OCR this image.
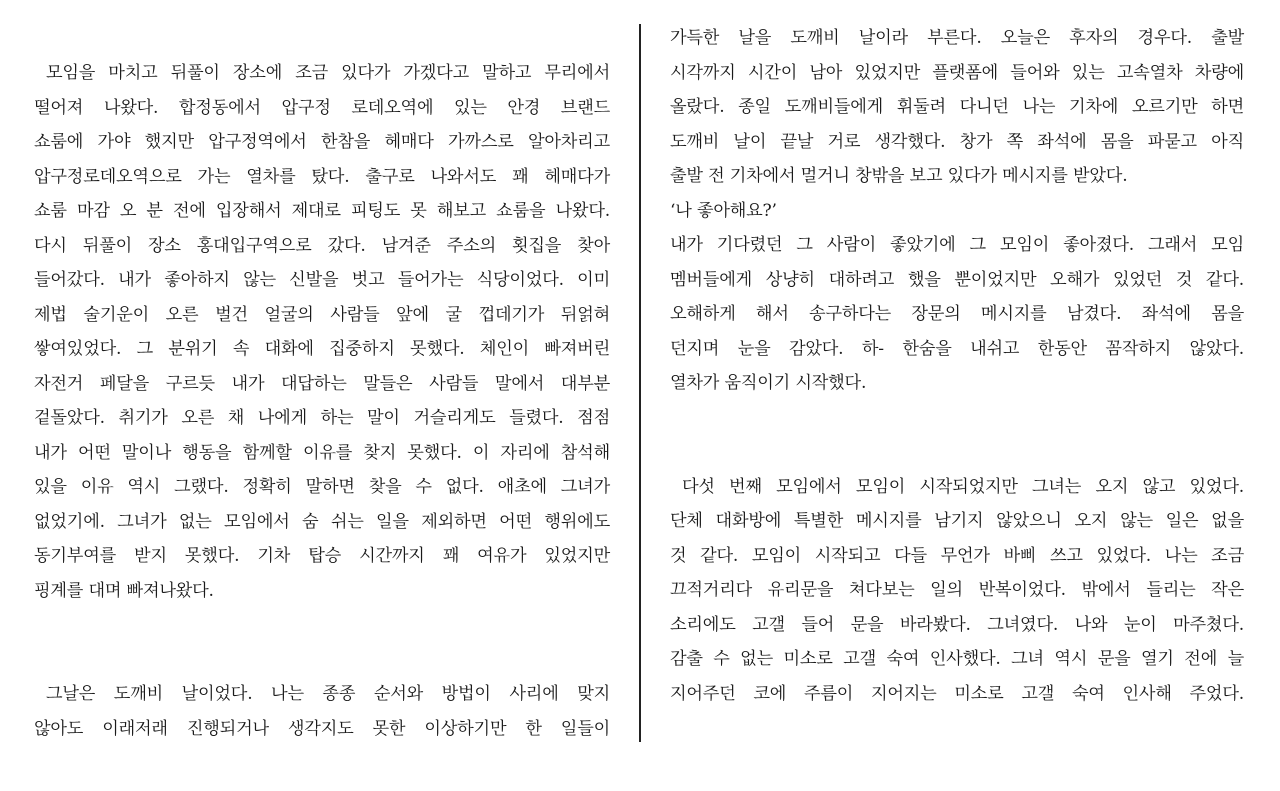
모임을 마치고 뒤풀이 장소에 조금 있다가 가겠다고 말하고 무리에서
떨어져 나왔다. 합정동에서 압구정 로데오역에 있는 안경 브랜드
쇼룸에 가야 했지만 압구정역에서 한참을 헤매다 가까스로 알아차리고
압구정로데오역으로 가는 열차를 탔다. 출구로 나와서도 꽤 헤매다가
쇼룸 마감 오 분 전에 입장해서 제대로 피팅도 못 해보고 쇼룸을 나왔다.
다시 뒤풀이 장소 홍대입구역으로 갔다. 남겨준 주소의 횟집을 찾아
들어갔다. 내가 좋아하지 않는 신발을 벗고 들어가는 식당이었다. 이미
제법 술기운이 오른 벌건 얼굴의 사람들 앞에 굴 껍데기가 뒤얽혀
쌓여있었다. 그 분위기 속 대화에 집중하지 못했다. 체인이 빠져버린
자전거 페달을 구르듯 내가 대답하는 말들은 사람들 말에서 대부분
겉돌았다. 취기가 오른 채 나에게 하는 말이 거슬리게도 들렸다. 점점
내가 어떤 말이나 행동을 함께할 이유를 찾지 못했다. 이 자리에 참석해
있을 이유 역시 그랬다. 정확히 말하면 찾을 수 없다. 애초에 그녀가
없었기에. 그녀가 없는 모임에서 숨 쉬는 일을 제외하면 어떤 행위에도
동기부여를 받지 못했다. 기차 탑승 시간까지 꽤 여유가 있었지만
핑계를 대며 빠져나왔다.
그날은 도깨비 날이었다. 나는 종종 순서와 방법이 사리에 맞지
않아도 이래저래 진행되거나 생각지도 못한 이상하기만 한 일들이
가득한 날을 도깨비 날이라 부른다. 오늘은 후자의 경우다. 출발
시각까지 시간이 남아 있었지만 플랫폼에 들어와 있는 고속열차 차량에
올랐다. 종일 도깨비들에게 휘둘려 다니던 나는 기차에 오르기만 하면
도깨비 날이 끝날 거로 생각했다. 창가 쪽 좌석에 몸을 파묻고 아직
출발 전 기차에서 멀거니 창밖을 보고 있다가 메시지를 받았다.
‘나 좋아해요?’
내가 기다렸던 그 사람이 좋았기에 그 모임이 좋아졌다. 그래서 모임
멤버들에게 상냥히 대하려고 했을 뿐이었지만 오해가 있었던 것 같다.
오해하게 해서 송구하다는 장문의 메시지를 남겼다. 좌석에 몸을
던지며 눈을 감았다. 하- 한숨을 내쉬고 한동안 꼼작하지 않았다.
열차가 움직이기 시작했다.
다섯 번째 모임에서 모임이 시작되었지만 그녀는 오지 않고 있었다.
단체 대화방에 특별한 메시지를 남기지 않았으니 오지 않는 일은 없을
것 같다. 모임이 시작되고 다들 무언가 바삐 쓰고 있었다. 나는 조금
끄적거리다 유리문을 쳐다보는 일의 반복이었다. 밖에서 들리는 작은
소리에도 고갤 들어 문을 바라봤다. 그녀였다. 나와 눈이 마주쳤다.
감출 수 없는 미소로 고갤 숙여 인사했다. 그녀 역시 문을 열기 전에 늘
지어주던 코에 주름이 지어지는 미소로 고갤 숙여 인사해 주었다.
